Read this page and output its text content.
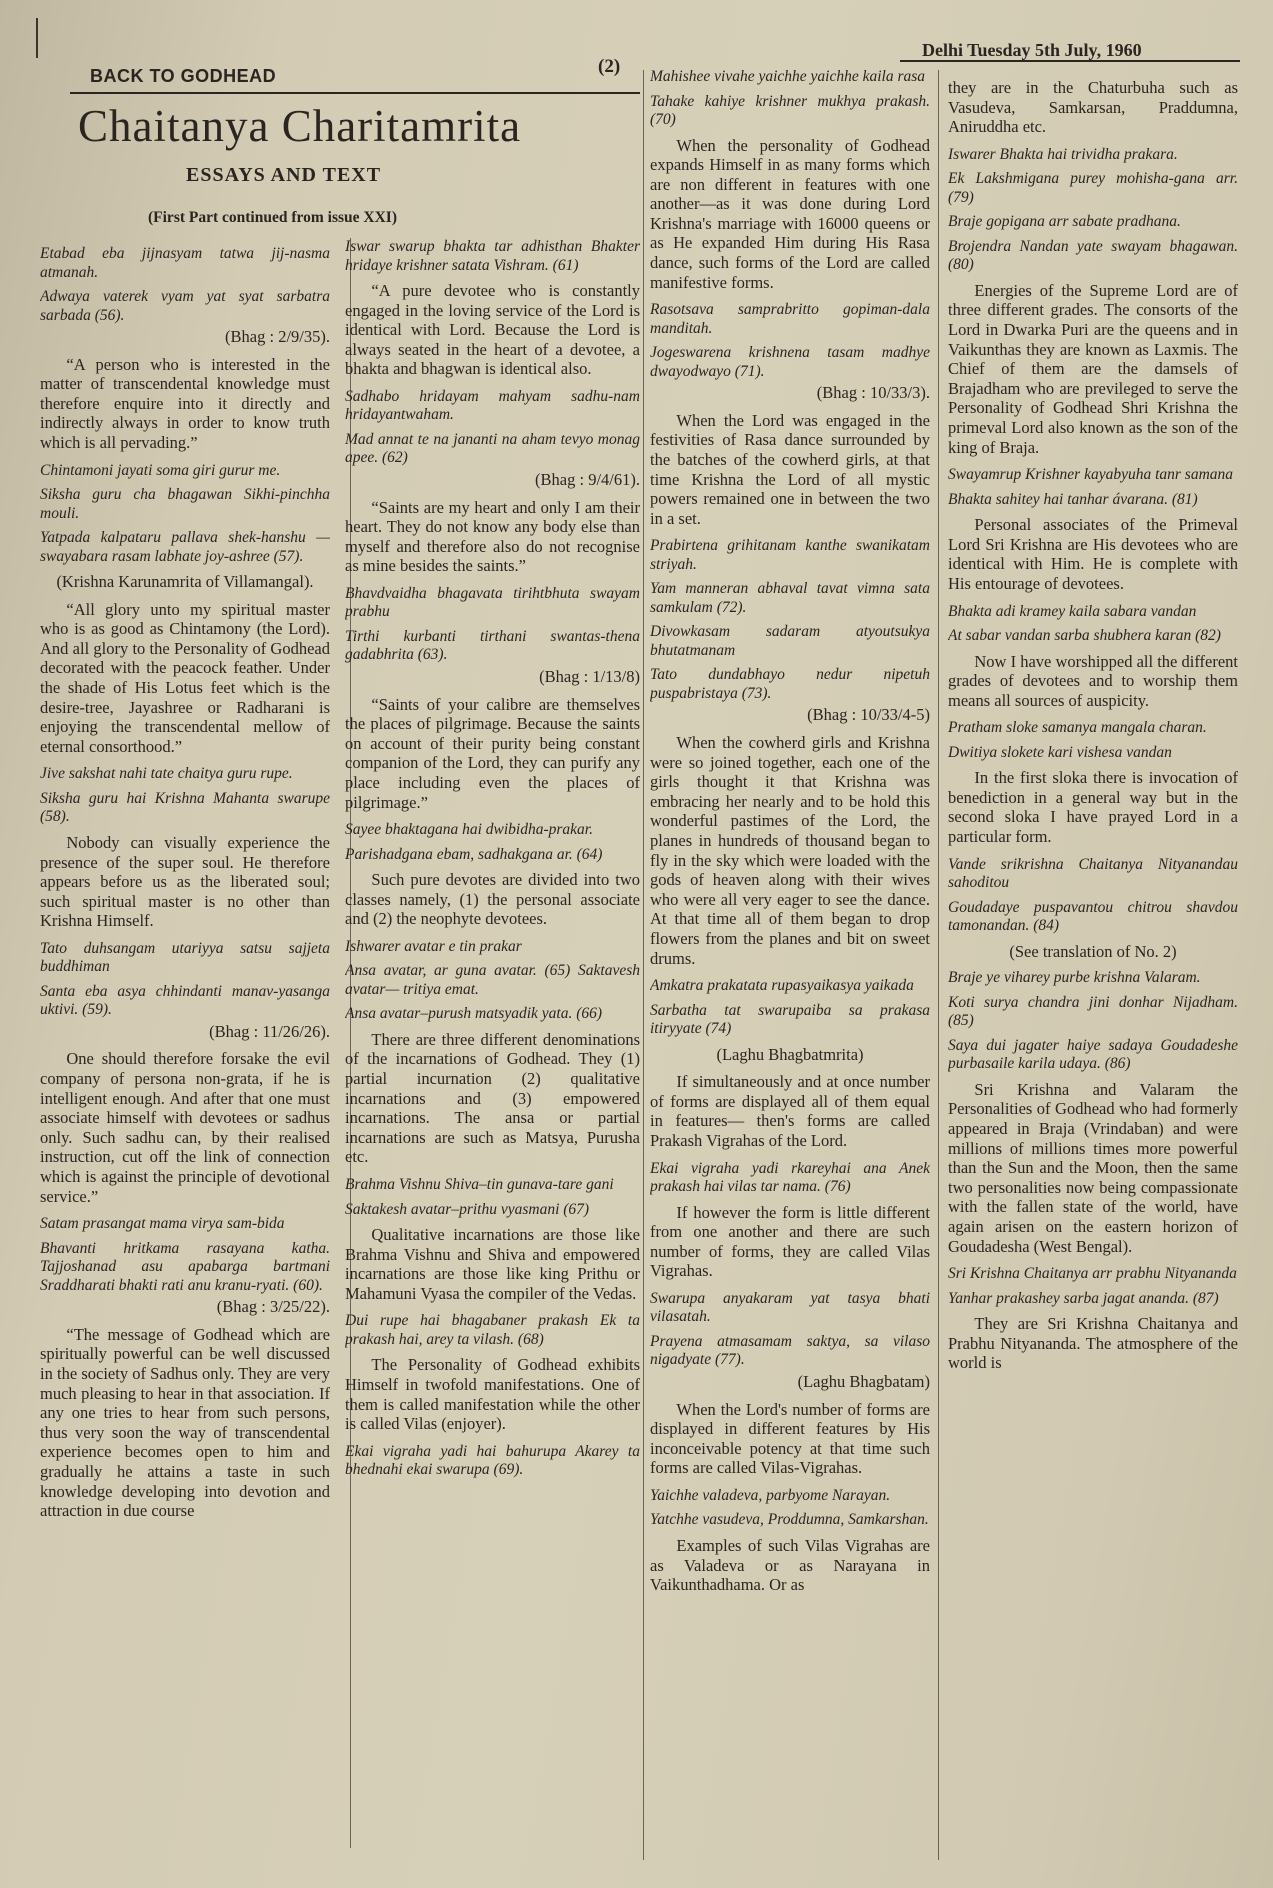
BACK TO GODHEAD	(2)
Delhi Tuesday 5th July, 1960
Chaitanya Charitamrita
ESSAYS AND TEXT
(First Part continued from issue XXI)

Etabad eba jijnasyam tatwa jij-nasma atmanah.

Adwaya vaterek vyam yat syat sarbatra sarbada (56).

(Bhag : 2/9/35).

“A person who is interested in the matter of transcendental knowledge must therefore enquire into it directly and indirectly always in order to know truth which is all pervading.”

Chintamoni jayati soma giri gurur me.

Siksha guru cha bhagawan Sikhi-pinchha mouli.

Yatpada kalpataru pallava shek-hanshu —swayabara rasam labhate joy-ashree (57).

(Krishna Karunamrita of Villamangal).

“All glory unto my spiritual master who is as good as Chintamony (the Lord). And all glory to the Personality of Godhead decorated with the peacock feather. Under the shade of His Lotus feet which is the desire-tree, Jayashree or Radharani is enjoying the transcendental mellow of eternal consorthood.”

Jive sakshat nahi tate chaitya guru rupe.

Siksha guru hai Krishna Mahanta swarupe (58).

Nobody can visually experience the presence of the super soul. He therefore appears before us as the liberated soul; such spiritual master is no other than Krishna Himself.

Tato duhsangam utariyya satsu sajjeta buddhiman

Santa eba asya chhindanti manav-yasanga uktivi. (59).

(Bhag : 11/26/26).

One should therefore forsake the evil company of persona non-grata, if he is intelligent enough. And after that one must associate himself with devotees or sadhus only. Such sadhu can, by their realised instruction, cut off the link of connection which is against the principle of devotional service.”

Satam prasangat mama virya sam-bida

Bhavanti hritkama rasayana katha. Tajjoshanad asu apabarga bartmani Sraddharati bhakti rati anu kranu-ryati. (60).

(Bhag : 3/25/22).

“The message of Godhead which are spiritually powerful can be well discussed in the society of Sadhus only. They are very much pleasing to hear in that association. If any one tries to hear from such persons, thus very soon the way of transcendental experience becomes open to him and gradually he attains a taste in such knowledge developing into devotion and attraction in due course

Iswar swarup bhakta tar adhisthan Bhakter hridaye krishner satata Vishram. (61)

“A pure devotee who is constantly engaged in the loving service of the Lord is identical with Lord. Because the Lord is always seated in the heart of a devotee, a bhakta and bhagwan is identical also.

Sadhabo hridayam mahyam sadhu-nam hridayantwaham.

Mad annat te na jananti na aham tevyo monag apee. (62)

(Bhag : 9/4/61).

“Saints are my heart and only I am their heart. They do not know any body else than myself and therefore also do not recognise as mine besides the saints.”

Bhavdvaidha bhagavata tirihtbhuta swayam prabhu

Tirthi kurbanti tirthani swantas-thena gadabhrita (63).

(Bhag : 1/13/8)

“Saints of your calibre are themselves the places of pilgrimage. Because the saints on account of their purity being constant companion of the Lord, they can purify any place including even the places of pilgrimage.”

Sayee bhaktagana hai dwibidha-prakar.

Parishadgana ebam, sadhakgana ar. (64)

Such pure devotes are divided into two classes namely, (1) the personal associate and (2) the neophyte devotees.

Ishwarer avatar e tin prakar

Ansa avatar, ar guna avatar. (65) Saktavesh avatar— tritiya emat.

Ansa avatar–purush matsyadik yata. (66)

There are three different denominations of the incarnations of Godhead. They (1) partial incurnation (2) qualitative incarnations and (3) empowered incarnations. The ansa or partial incarnations are such as Matsya, Purusha etc.

Brahma Vishnu Shiva–tin gunava-tare gani

Saktakesh avatar–prithu vyasmani (67)

Qualitative incarnations are those like Brahma Vishnu and Shiva and empowered incarnations are those like king Prithu or Mahamuni Vyasa the compiler of the Vedas.

Dui rupe hai bhagabaner prakash Ek ta prakash hai, arey ta vilash. (68)

The Personality of Godhead exhibits Himself in twofold manifestations. One of them is called manifestation while the other is called Vilas (enjoyer).

Ekai vigraha yadi hai bahurupa Akarey ta bhednahi ekai swarupa (69).

Mahishee vivahe yaichhe yaichhe kaila rasa

Tahake kahiye krishner mukhya prakash. (70)

When the personality of Godhead expands Himself in as many forms which are non different in features with one another—as it was done during Lord Krishna's marriage with 16000 queens or as He expanded Him during His Rasa dance, such forms of the Lord are called manifestive forms.

Rasotsava samprabritto gopiman-dala manditah.

Jogeswarena krishnena tasam madhye dwayodwayo (71).

(Bhag : 10/33/3).

When the Lord was engaged in the festivities of Rasa dance surrounded by the batches of the cowherd girls, at that time Krishna the Lord of all mystic powers remained one in between the two in a set.

Prabirtena grihitanam kanthe swanikatam striyah.

Yam manneran abhaval tavat vimna sata samkulam (72).

Divowkasam sadaram atyoutsukya bhutatmanam

Tato dundabhayo nedur nipetuh puspabristaya (73).

(Bhag : 10/33/4-5)

When the cowherd girls and Krishna were so joined together, each one of the girls thought it that Krishna was embracing her nearly and to be hold this wonderful pastimes of the Lord, the planes in hundreds of thousand began to fly in the sky which were loaded with the gods of heaven along with their wives who were all very eager to see the dance. At that time all of them began to drop flowers from the planes and bit on sweet drums.

Amkatra prakatata rupasyaikasya yaikada

Sarbatha tat swarupaiba sa prakasa itiryyate (74)

(Laghu Bhagbatmrita)

If simultaneously and at once number of forms are displayed all of them equal in features— then's forms are called Prakash Vigrahas of the Lord.

Ekai vigraha yadi rkareyhai ana Anek prakash hai vilas tar nama. (76)

If however the form is little different from one another and there are such number of forms, they are called Vilas Vigrahas.

Swarupa anyakaram yat tasya bhati vilasatah.

Prayena atmasamam saktya, sa vilaso nigadyate (77).

(Laghu Bhagbatam)

When the Lord's number of forms are displayed in different features by His inconceivable potency at that time such forms are called Vilas-Vigrahas.

Yaichhe valadeva, parbyome Narayan.

Yatchhe vasudeva, Proddumna, Samkarshan.

Examples of such Vilas Vigrahas are as Valadeva or as Narayana in Vaikunthadhama. Or as

they are in the Chaturbuha such as Vasudeva, Samkarsan, Praddumna, Aniruddha etc.

Iswarer Bhakta hai trividha prakara.

Ek Lakshmigana purey mohisha-gana arr. (79)

Braje gopigana arr sabate pradhana.

Brojendra Nandan yate swayam bhagawan. (80)

Energies of the Supreme Lord are of three different grades. The consorts of the Lord in Dwarka Puri are the queens and in Vaikunthas they are known as Laxmis. The Chief of them are the damsels of Brajadham who are previleged to serve the Personality of Godhead Shri Krishna the primeval Lord also known as the son of the king of Braja.

Swayamrup Krishner kayabyuha tanr samana

Bhakta sahitey hai tanhar ávarana. (81)

Personal associates of the Primeval Lord Sri Krishna are His devotees who are identical with Him. He is complete with His entourage of devotees.

Bhakta adi kramey kaila sabara vandan

At sabar vandan sarba shubhera karan (82)

Now I have worshipped all the different grades of devotees and to worship them means all sources of auspicity.

Pratham sloke samanya mangala charan.

Dwitiya slokete kari vishesa vandan

In the first sloka there is invocation of benediction in a general way but in the second sloka I have prayed Lord in a particular form.

Vande srikrishna Chaitanya Nityanandau sahoditou

Goudadaye puspavantou chitrou shavdou tamonandan. (84)

(See translation of No. 2)

Braje ye viharey purbe krishna Valaram.

Koti surya chandra jini donhar Nijadham. (85)

Saya dui jagater haiye sadaya Goudadeshe purbasaile karila udaya. (86)

Sri Krishna and Valaram the Personalities of Godhead who had formerly appeared in Braja (Vrindaban) and were millions of millions times more powerful than the Sun and the Moon, then the same two personalities now being compassionate with the fallen state of the world, have again arisen on the eastern horizon of Goudadesha (West Bengal).

Sri Krishna Chaitanya arr prabhu Nityananda

Yanhar prakashey sarba jagat ananda. (87)

They are Sri Krishna Chaitanya and Prabhu Nityananda. The atmosphere of the world is
